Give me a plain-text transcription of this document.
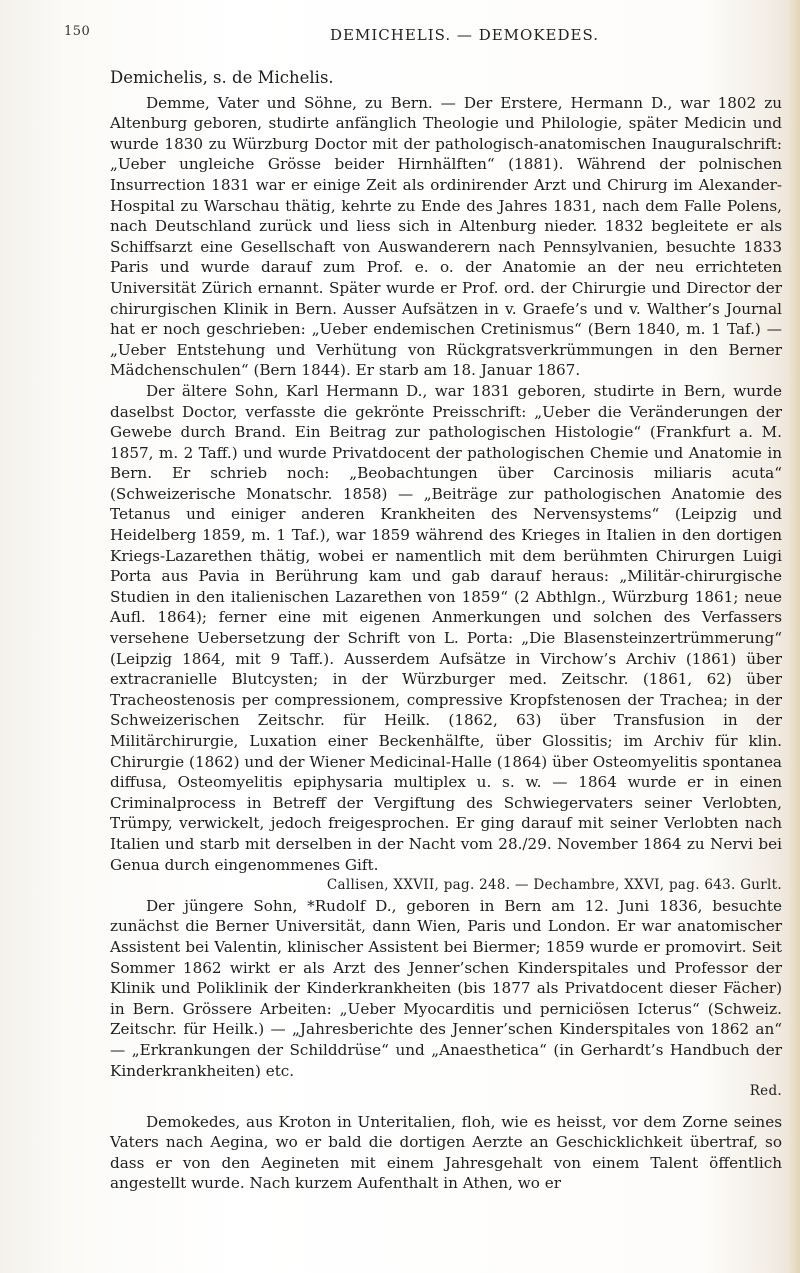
150	DEMICHELIS. — DEMOKEDES.
Demichelis, s. de Michelis.

Demme, Vater und Söhne, zu Bern. — Der Erstere, Hermann D., war 1802 zu Altenburg geboren, studirte anfänglich Theologie und Philologie, später Medicin und wurde 1830 zu Würzburg Doctor mit der pathologisch-anatomischen Inauguralschrift: „Ueber ungleiche Grösse beider Hirnhälften“ (1881). Während der polnischen Insurrection 1831 war er einige Zeit als ordinirender Arzt und Chirurg im Alexander-Hospital zu Warschau thätig, kehrte zu Ende des Jahres 1831, nach dem Falle Polens, nach Deutschland zurück und liess sich in Altenburg nieder. 1832 begleitete er als Schiffsarzt eine Gesellschaft von Auswanderern nach Pennsylvanien, besuchte 1833 Paris und wurde darauf zum Prof. e. o. der Anatomie an der neu errichteten Universität Zürich ernannt. Später wurde er Prof. ord. der Chirurgie und Director der chirurgischen Klinik in Bern. Ausser Aufsätzen in v. Graefe’s und v. Walther’s Journal hat er noch geschrieben: „Ueber endemischen Cretinismus“ (Bern 1840, m. 1 Taf.) — „Ueber Entstehung und Verhütung von Rückgratsverkrümmungen in den Berner Mädchenschulen“ (Bern 1844). Er starb am 18. Januar 1867.

Der ältere Sohn, Karl Hermann D., war 1831 geboren, studirte in Bern, wurde daselbst Doctor, verfasste die gekrönte Preisschrift: „Ueber die Veränderungen der Gewebe durch Brand. Ein Beitrag zur pathologischen Histologie“ (Frankfurt a. M. 1857, m. 2 Taff.) und wurde Privatdocent der pathologischen Chemie und Anatomie in Bern. Er schrieb noch: „Beobachtungen über Carcinosis miliaris acuta“ (Schweizerische Monatschr. 1858) — „Beiträge zur pathologischen Anatomie des Tetanus und einiger anderen Krankheiten des Nervensystems“ (Leipzig und Heidelberg 1859, m. 1 Taf.), war 1859 während des Krieges in Italien in den dortigen Kriegs-Lazarethen thätig, wobei er namentlich mit dem berühmten Chirurgen Luigi Porta aus Pavia in Berührung kam und gab darauf heraus: „Militär-chirurgische Studien in den italienischen Lazarethen von 1859“ (2 Abthlgn., Würzburg 1861; neue Aufl. 1864); ferner eine mit eigenen Anmerkungen und solchen des Verfassers versehene Uebersetzung der Schrift von L. Porta: „Die Blasensteinzertrümmerung“ (Leipzig 1864, mit 9 Taff.). Ausserdem Aufsätze in Virchow’s Archiv (1861) über extracranielle Blutcysten; in der Würzburger med. Zeitschr. (1861, 62) über Tracheostenosis per compressionem, compressive Kropfstenosen der Trachea; in der Schweizerischen Zeitschr. für Heilk. (1862, 63) über Transfusion in der Militärchirurgie, Luxation einer Beckenhälfte, über Glossitis; im Archiv für klin. Chirurgie (1862) und der Wiener Medicinal-Halle (1864) über Osteomyelitis spontanea diffusa, Osteomyelitis epiphysaria multiplex u. s. w. — 1864 wurde er in einen Criminalprocess in Betreff der Vergiftung des Schwiegervaters seiner Verlobten, Trümpy, verwickelt, jedoch freigesprochen. Er ging darauf mit seiner Verlobten nach Italien und starb mit derselben in der Nacht vom 28./29. November 1864 zu Nervi bei Genua durch eingenommenes Gift.

Callisen, XXVII, pag. 248. — Dechambre, XXVI, pag. 643. Gurlt.

Der jüngere Sohn, *Rudolf D., geboren in Bern am 12. Juni 1836, besuchte zunächst die Berner Universität, dann Wien, Paris und London. Er war anatomischer Assistent bei Valentin, klinischer Assistent bei Biermer; 1859 wurde er promovirt. Seit Sommer 1862 wirkt er als Arzt des Jenner’schen Kinderspitales und Professor der Klinik und Poliklinik der Kinderkrankheiten (bis 1877 als Privatdocent dieser Fächer) in Bern. Grössere Arbeiten: „Ueber Myocarditis und perniciösen Icterus“ (Schweiz. Zeitschr. für Heilk.) — „Jahresberichte des Jenner’schen Kinderspitales von 1862 an“ — „Erkrankungen der Schilddrüse“ und „Anaesthetica“ (in Gerhardt’s Handbuch der Kinderkrankheiten) etc.

Red.

Demokedes, aus Kroton in Unteritalien, floh, wie es heisst, vor dem Zorne seines Vaters nach Aegina, wo er bald die dortigen Aerzte an Geschicklichkeit übertraf, so dass er von den Aegineten mit einem Jahresgehalt von einem Talent öffentlich angestellt wurde. Nach kurzem Aufenthalt in Athen, wo er
